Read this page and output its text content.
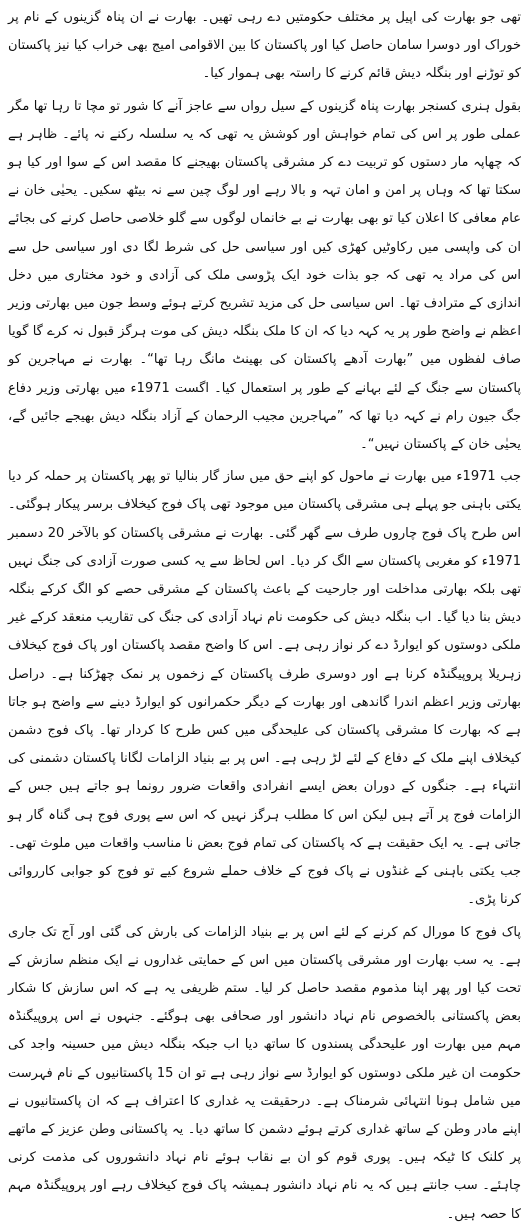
تھی جو بھارت کی اپیل پر مختلف حکومتیں دے رہی تھیں۔ بھارت نے ان پناہ گزینوں کے نام پر خوراک اور دوسرا سامان حاصل کیا اور پاکستان کا بین الاقوامی امیج بھی خراب کیا نیز پاکستان کو توڑنے اور بنگلہ دیش قائم کرنے کا راستہ بھی ہموار کیا۔

بقول ہنری کسنجر بھارت پناہ گزینوں کے سیل رواں سے عاجز آنے کا شور تو مچا تا رہا تھا مگر عملی طور پر اس کی تمام خواہش اور کوشش یہ تھی کہ یہ سلسلہ رکنے نہ پائے۔ ظاہر ہے کہ چھاپہ مار دستوں کو تربیت دے کر مشرقی پاکستان بھیجنے کا مقصد اس کے سوا اور کیا ہو سکتا تھا کہ وہاں پر امن و امان تہہ و بالا رہے اور لوگ چین سے نہ بیٹھ سکیں۔ یحیٰی خان نے عام معافی کا اعلان کیا تو بھی بھارت نے بے خانماں لوگوں سے گلو خلاصی حاصل کرنے کی بجائے ان کی واپسی میں رکاوٹیں کھڑی کیں اور سیاسی حل کی شرط لگا دی اور سیاسی حل سے اس کی مراد یہ تھی کہ جو بذات خود ایک پڑوسی ملک کی آزادی و خود مختاری میں دخل اندازی کے مترادف تھا۔ اس سیاسی حل کی مزید تشریح کرتے ہوئے وسط جون میں بھارتی وزیر اعظم نے واضح طور پر یہ کہہ دیا کہ ان کا ملک بنگلہ دیش کی موت ہرگز قبول نہ کرے گا گویا صاف لفظوں میں ”بھارت آدھے پاکستان کی بھینٹ مانگ رہا تھا“۔ بھارت نے مہاجرین کو پاکستان سے جنگ کے لئے بہانے کے طور پر استعمال کیا۔ اگست 1971ء میں بھارتی وزیر دفاع جگ جیون رام نے کہہ دیا تھا کہ ”مہاجرین مجیب الرحمان کے آزاد بنگلہ دیش بھیجے جائیں گے، یحیٰی خان کے پاکستان نہیں“۔

جب 1971ء میں بھارت نے ماحول کو اپنے حق میں ساز گار بنالیا تو پھر پاکستان پر حملہ کر دیا یکتی باہنی جو پہلے ہی مشرقی پاکستان میں موجود تھی پاک فوج کیخلاف برسر پیکار ہوگئی۔ اس طرح پاک فوج چاروں طرف سے گھر گئی۔ بھارت نے مشرقی پاکستان کو بالآخر 20 دسمبر 1971ء کو مغربی پاکستان سے الگ کر دیا۔ اس لحاظ سے یہ کسی صورت آزادی کی جنگ نہیں تھی بلکہ بھارتی مداخلت اور جارحیت کے باعث پاکستان کے مشرقی حصے کو الگ کرکے بنگلہ دیش بنا دیا گیا۔ اب بنگلہ دیش کی حکومت نام نہاد آزادی کی جنگ کی تقاریب منعقد کرکے غیر ملکی دوستوں کو ایوارڈ دے کر نواز رہی ہے۔ اس کا واضح مقصد پاکستان اور پاک فوج کیخلاف زہریلا پروپیگنڈہ کرنا ہے اور دوسری طرف پاکستان کے زخموں پر نمک چھڑکنا ہے۔ دراصل بھارتی وزیر اعظم اندرا گاندھی اور بھارت کے دیگر حکمرانوں کو ایوارڈ دینے سے واضح ہو جاتا ہے کہ بھارت کا مشرقی پاکستان کی علیحدگی میں کس طرح کا کردار تھا۔ پاک فوج دشمن کیخلاف اپنے ملک کے دفاع کے لئے لڑ رہی ہے۔ اس پر بے بنیاد الزامات لگانا پاکستان دشمنی کی انتہاء ہے۔ جنگوں کے دوران بعض ایسے انفرادی واقعات ضرور رونما ہو جاتے ہیں جس کے الزامات فوج پر آتے ہیں لیکن اس کا مطلب ہرگز نہیں کہ اس سے پوری فوج ہی گناہ گار ہو جاتی ہے۔ یہ ایک حقیقت ہے کہ پاکستان کی تمام فوج بعض نا مناسب واقعات میں ملوث تھی۔ جب یکتی باہنی کے غنڈوں نے پاک فوج کے خلاف حملے شروع کیے تو فوج کو جوابی کارروائی کرنا پڑی۔

پاک فوج کا مورال کم کرنے کے لئے اس پر بے بنیاد الزامات کی بارش کی گئی اور آج تک جاری ہے۔ یہ سب بھارت اور مشرقی پاکستان میں اس کے حمایتی غداروں نے ایک منظم سازش کے تحت کیا اور پھر اپنا مذموم مقصد حاصل کر لیا۔ ستم ظریفی یہ ہے کہ اس سازش کا شکار بعض پاکستانی بالخصوص نام نہاد دانشور اور صحافی بھی ہوگئے۔ جنہوں نے اس پروپیگنڈہ مہم میں بھارت اور علیحدگی پسندوں کا ساتھ دیا اب جبکہ بنگلہ دیش میں حسینہ واجد کی حکومت ان غیر ملکی دوستوں کو ایوارڈ سے نواز رہی ہے تو ان 15 پاکستانیوں کے نام فہرست میں شامل ہونا انتہائی شرمناک ہے۔ درحقیقت یہ غداری کا اعتراف ہے کہ ان پاکستانیوں نے اپنے مادر وطن کے ساتھ غداری کرتے ہوئے دشمن کا ساتھ دیا۔ یہ پاکستانی وطن عزیز کے ماتھے پر کلنک کا ٹیکہ ہیں۔ پوری قوم کو ان بے نقاب ہوئے نام نہاد دانشوروں کی مذمت کرنی چاہئے۔ سب جانتے ہیں کہ یہ نام نہاد دانشور ہمیشہ پاک فوج کیخلاف رہے اور پروپیگنڈہ مہم کا حصہ ہیں۔
